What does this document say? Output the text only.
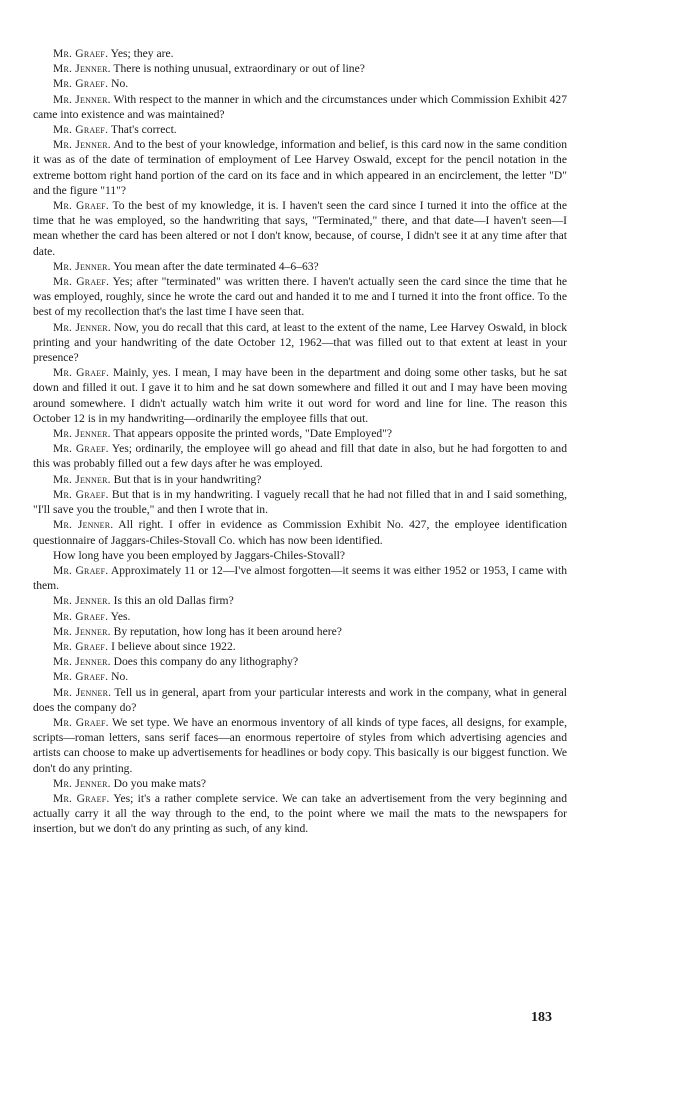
Mr. Graef. Yes; they are.

Mr. Jenner. There is nothing unusual, extraordinary or out of line?

Mr. Graef. No.

Mr. Jenner. With respect to the manner in which and the circumstances under which Commission Exhibit 427 came into existence and was maintained?

Mr. Graef. That's correct.

Mr. Jenner. And to the best of your knowledge, information and belief, is this card now in the same condition it was as of the date of termination of employment of Lee Harvey Oswald, except for the pencil notation in the extreme bottom right hand portion of the card on its face and in which appeared in an encirclement, the letter "D" and the figure "11"?

Mr. Graef. To the best of my knowledge, it is. I haven't seen the card since I turned it into the office at the time that he was employed, so the handwriting that says, "Terminated," there, and that date—I haven't seen—I mean whether the card has been altered or not I don't know, because, of course, I didn't see it at any time after that date.

Mr. Jenner. You mean after the date terminated 4–6–63?

Mr. Graef. Yes; after "terminated" was written there. I haven't actually seen the card since the time that he was employed, roughly, since he wrote the card out and handed it to me and I turned it into the front office. To the best of my recollection that's the last time I have seen that.

Mr. Jenner. Now, you do recall that this card, at least to the extent of the name, Lee Harvey Oswald, in block printing and your handwriting of the date October 12, 1962—that was filled out to that extent at least in your presence?

Mr. Graef. Mainly, yes. I mean, I may have been in the department and doing some other tasks, but he sat down and filled it out. I gave it to him and he sat down somewhere and filled it out and I may have been moving around somewhere. I didn't actually watch him write it out word for word and line for line. The reason this October 12 is in my handwriting—ordinarily the employee fills that out.

Mr. Jenner. That appears opposite the printed words, "Date Employed"?

Mr. Graef. Yes; ordinarily, the employee will go ahead and fill that date in also, but he had forgotten to and this was probably filled out a few days after he was employed.

Mr. Jenner. But that is in your handwriting?

Mr. Graef. But that is in my handwriting. I vaguely recall that he had not filled that in and I said something, "I'll save you the trouble," and then I wrote that in.

Mr. Jenner. All right. I offer in evidence as Commission Exhibit No. 427, the employee identification questionnaire of Jaggars-Chiles-Stovall Co. which has now been identified.

How long have you been employed by Jaggars-Chiles-Stovall?

Mr. Graef. Approximately 11 or 12—I've almost forgotten—it seems it was either 1952 or 1953, I came with them.

Mr. Jenner. Is this an old Dallas firm?

Mr. Graef. Yes.

Mr. Jenner. By reputation, how long has it been around here?

Mr. Graef. I believe about since 1922.

Mr. Jenner. Does this company do any lithography?

Mr. Graef. No.

Mr. Jenner. Tell us in general, apart from your particular interests and work in the company, what in general does the company do?

Mr. Graef. We set type. We have an enormous inventory of all kinds of type faces, all designs, for example, scripts—roman letters, sans serif faces—an enormous repertoire of styles from which advertising agencies and artists can choose to make up advertisements for headlines or body copy. This basically is our biggest function. We don't do any printing.

Mr. Jenner. Do you make mats?

Mr. Graef. Yes; it's a rather complete service. We can take an advertisement from the very beginning and actually carry it all the way through to the end, to the point where we mail the mats to the newspapers for insertion, but we don't do any printing as such, of any kind.

183
